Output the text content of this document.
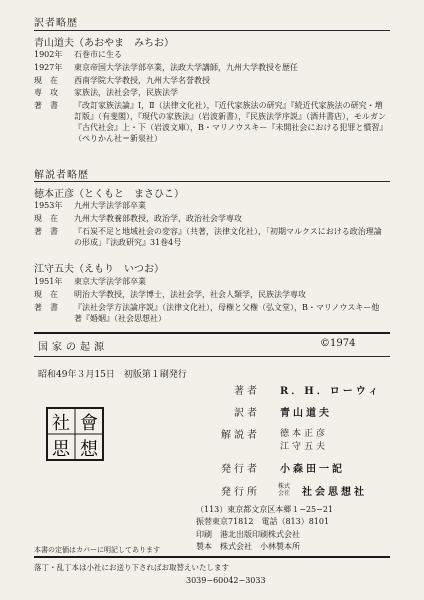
訳者略歴
青山道夫（あおやま　みちお）
1902年	石巻市に生る
1927年	東京帝国大学法学部卒業，法政大学講師，九州大学教授を歴任
現　在	西南学院大学教授，九州大学名誉教授
専　攻	家族法，法社会学，民族法学
著　書	『改訂家族法論』Ⅰ，Ⅱ（法律文化社），『近代家族法の研究』『続近代家族法の研究・増訂版』（有斐閣），『現代の家族法』（岩波新書），『民族法学序説』（酒井書店），モルガン『古代社会』上・下（岩波文庫），B・マリノウスキー『未開社会における犯罪と慣習』（ぺりかん社＝新泉社）
解説者略歴
徳本正彦（とくもと　まさひこ）
1953年	九州大学法学部卒業
現　在	九州大学教養部教授，政治学，政治社会学専攻
著　書	『石炭不足と地域社会の変容』（共著，法律文化社），「初期マルクスにおける政治理論の形成」『法政研究』31巻4号
江守五夫（えもり　いつお）
1951年	東京大学法学部卒業
現　在	明治大学教授，法学博士，法社会学，社会人類学，民族法学専攻
著　書	『法社会学方法論序説』（法律文化社），母権と父権（弘文堂），B・マリノウスキー他著『婚姻』（社会思想社）
国家の起源	©1974
昭和49年３月15日　初版第１刷発行
社 會
思 想
著者 R．H．ローウィ
訳者 青山道夫
解説者 徳本正彦
江守五夫
発行者 小森田一記
発行所
株式会社	社会思想社
（113）東京都文京区本郷１−25−21
振替東京71812　電話（813）8101
印刷　港北出版印刷株式会社
製本　株式会社　小林製本所
本書の定価はカバーに明記してあります
落丁・乱丁本は小社にお送り下さればお取替えいたします
3039−60042−3033
